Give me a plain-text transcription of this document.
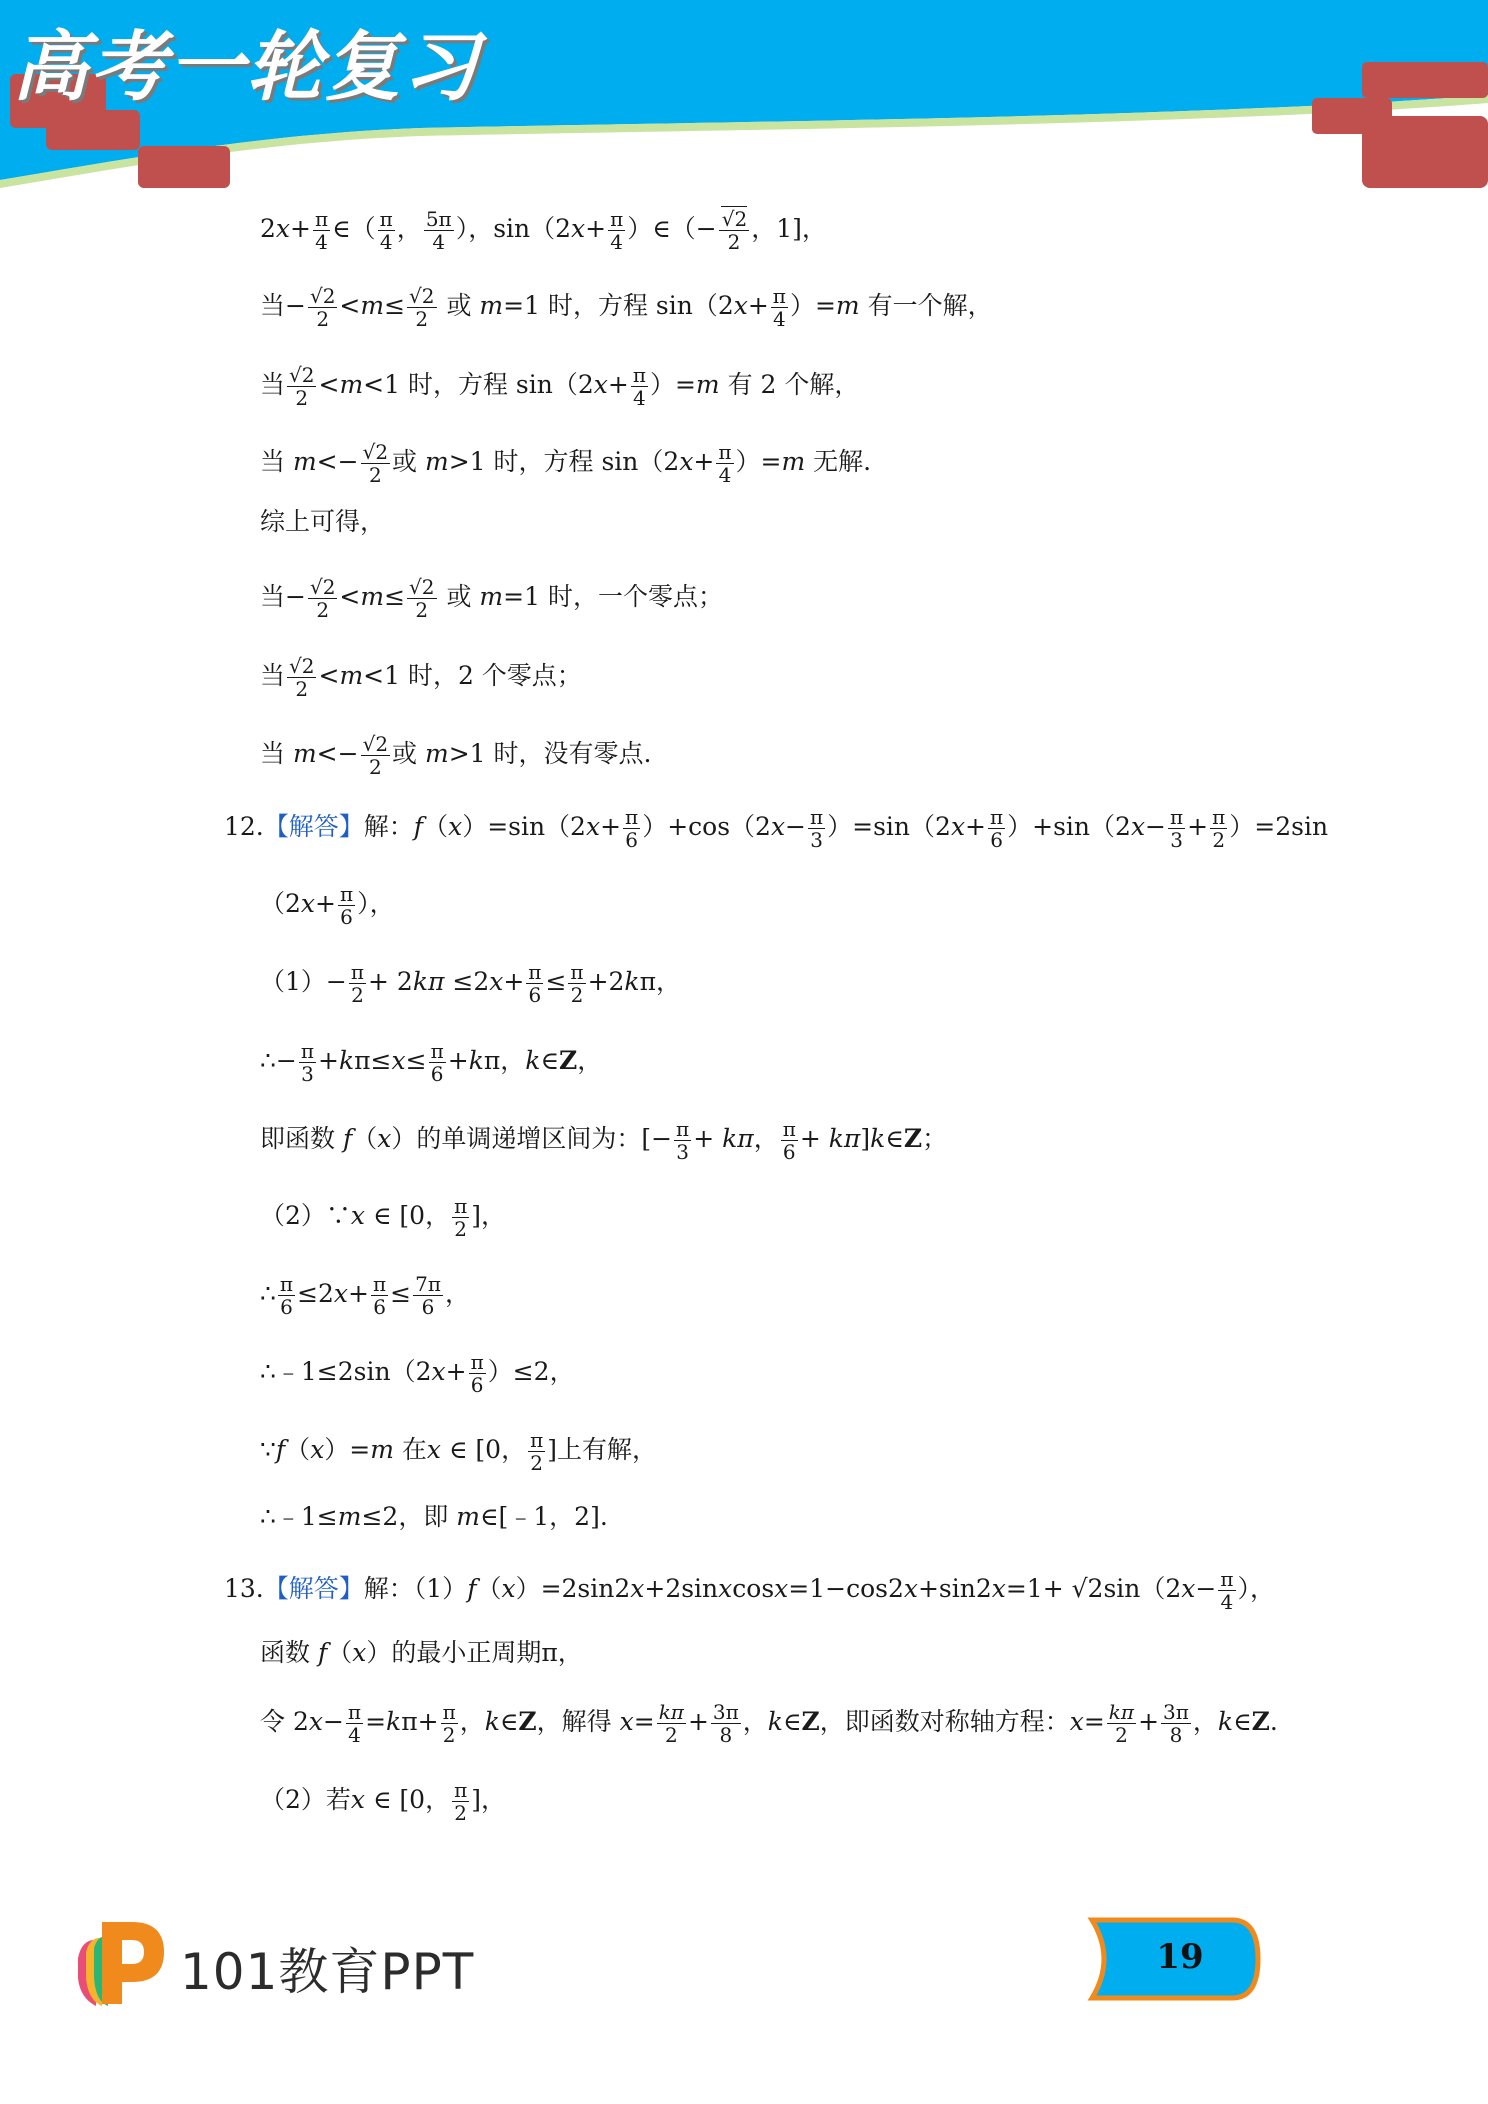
高考一轮复习
$2x+ \frac{\pi}{4}$ ∈（ $\frac{\pi}{4}$ ， $\frac{5\pi}{4}$ ），$\sin(2x+ \frac{\pi}{4}$ ）∈（− $\frac{√2}{2}$ ，1]，
当− $\frac{√2}{2} <m\le \frac{√2}{2}$ 或 m=1 时，方程 $\sin(2x+ \frac{\pi}{4} )=m$ 有一个解，
当 $\frac{√2}{2} <m<1$ 时，方程 $\sin(2x+ \frac{\pi}{4} )=m$ 有 2 个解，
当 $m<- \frac{√2}{2}$ 或 m>1 时，方程 $\sin(2x+ \frac{\pi}{4} )=m$ 无解.
综上可得，
当− $\frac{√2}{2} <m\le \frac{√2}{2}$ 或 m=1 时，一个零点；
当 $\frac{√2}{2} <m<1$ 时，2 个零点；
当 $m<- \frac{√2}{2}$ 或 m>1 时，没有零点.
12.【解答】解：$f(x)=\sin(2x+ \frac{\pi}{6} )+\cos(2x- \frac{\pi}{3} )=\sin(2x+ \frac{\pi}{6} )+\sin(2x- \frac{\pi}{3} + \frac{\pi}{2} )=2\sin$
（$2x+ \frac{\pi}{6}$ ），
$(1)- \frac{\pi}{2} + 2k\pi \le 2x+ \frac{\pi}{6} \le \frac{\pi}{2} +2k\pi$，
∴− $\frac{\pi}{3} +k\pi\le x\le \frac{\pi}{6} +k\pi$，k∈Z，
即函数 f（x）的单调递增区间为：[− $\frac{\pi}{3} + k\pi$， $\frac{\pi}{6}$ + kπ]k∈Z；
（2）∵x ∈ [0， $\frac{\pi}{2}$ ]，
∴ $\frac{\pi}{6} \le 2x+ \frac{\pi}{6} \le \frac{7\pi}{6}$ ，
∴﹣1≤2sin（2x+ $\frac{\pi}{6} )\le 2$，
∵f（x）=m 在x ∈ [0， $\frac{\pi}{2}$ ]上有解，
∴﹣1≤m≤2，即 m∈[﹣1，2].
13.【解答】解：（1）f（x）=2sin2x+2sinxcosx=1−cos2x+sin2x=1+ $√2\sin(2x- \frac{\pi}{4}$ ），
函数 f（x）的最小正周期π，
令 $2x- \frac{\pi}{4} =k\pi+ \frac{\pi}{2}$ ，k∈Z，解得 $x= \frac{k\pi}{2} + \frac{3\pi}{8}$ ，k∈Z，即函数对称轴方程：$x= \frac{k\pi}{2} + \frac{3\pi}{8}$ ，k∈Z.
（2）若x ∈ [0， $\frac{\pi}{2}$ ]，
101教育PPT	19
